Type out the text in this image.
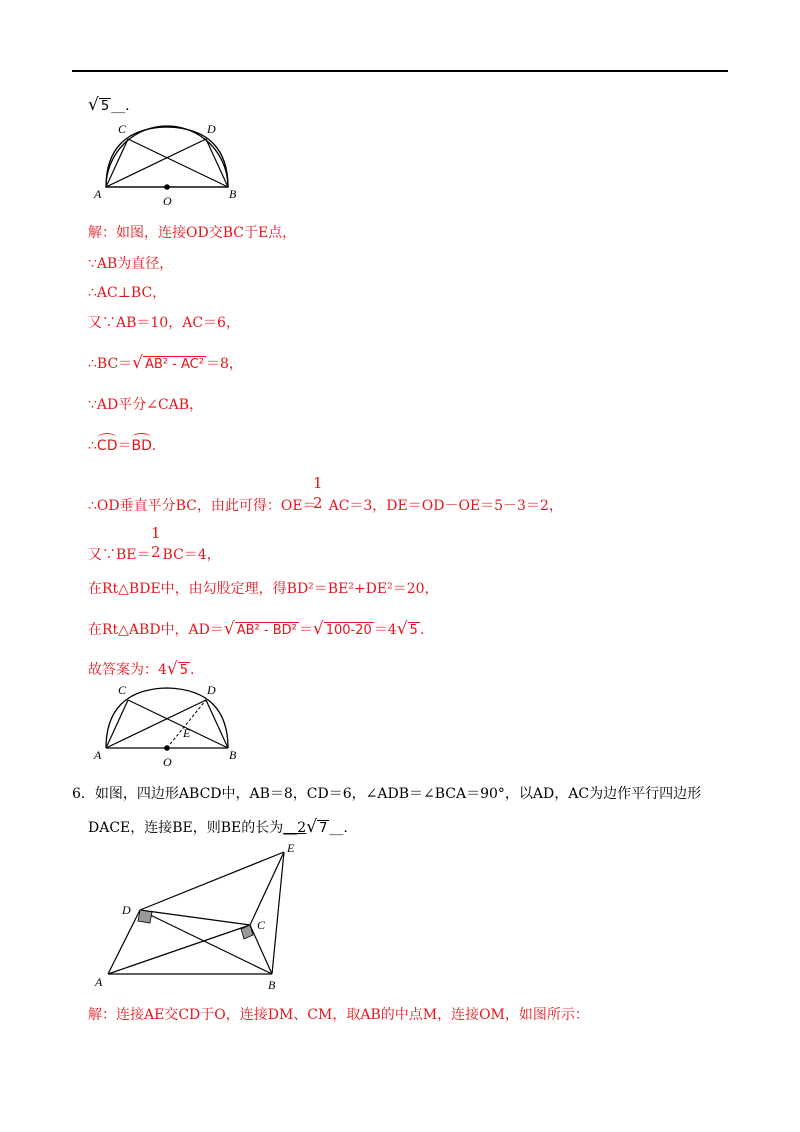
√ 5 __.
C	D
A	O	B
解：如图，连接OD交BC于E点，
∵AB为直径，
∴AC⊥BC，
又∵AB＝10，AC＝6，
∴BC＝√ AB² - AC² ＝8，
∵AD平分∠CAB，
∴CD＝BD.
1
2
∴OD垂直平分BC，由此可得：OE＝ AC＝3，DE＝OD－OE＝5－3＝2，
1
2
又∵BE＝ BC＝4，
在Rt△BDE中，由勾股定理，得BD²＝BE²+DE²＝20，
在Rt△ABD中，AD＝√ AB² - BD² ＝√ 100-20 ＝4√ 5 .
故答案为：4√ 5 .
C	D
E
A	O	B
6．如图，四边形ABCD中，AB＝8，CD＝6，∠ADB＝∠BCA＝90°，以AD，AC为边作平行四边形
DACE，连接BE，则BE的长为__2√ 7 __.
E
D
C
A	B
解：连接AE交CD于O，连接DM、CM，取AB的中点M，连接OM，如图所示：
